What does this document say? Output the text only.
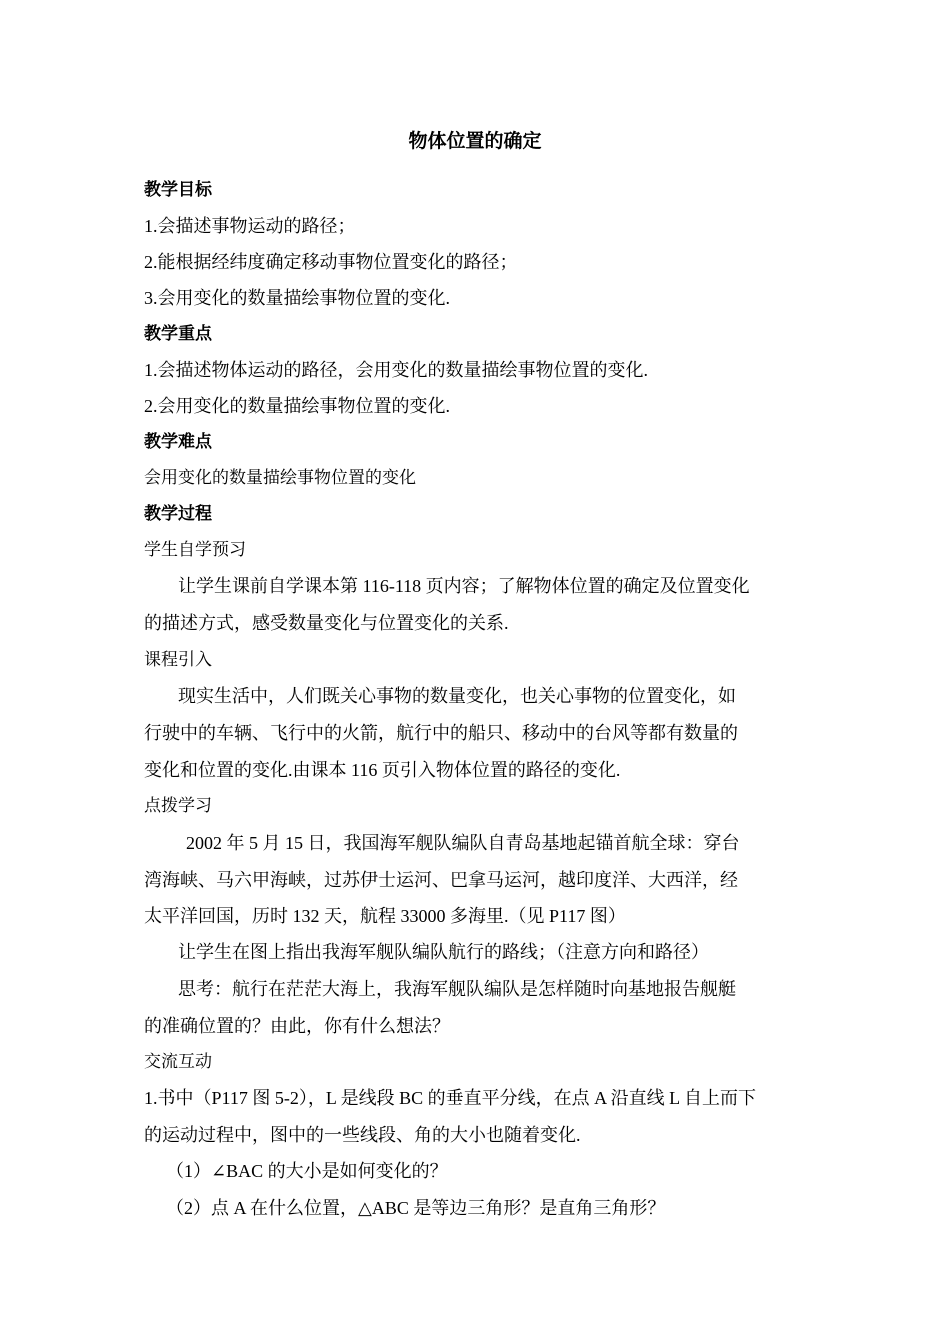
物体位置的确定
教学目标
1.会描述事物运动的路径；
2.能根据经纬度确定移动事物位置变化的路径；
3.会用变化的数量描绘事物位置的变化.
教学重点
1.会描述物体运动的路径，会用变化的数量描绘事物位置的变化.
2.会用变化的数量描绘事物位置的变化.
教学难点
会用变化的数量描绘事物位置的变化
教学过程
学生自学预习
让学生课前自学课本第 116-118 页内容；了解物体位置的确定及位置变化
的描述方式，感受数量变化与位置变化的关系.
课程引入
现实生活中，人们既关心事物的数量变化，也关心事物的位置变化，如
行驶中的车辆、飞行中的火箭，航行中的船只、移动中的台风等都有数量的
变化和位置的变化.由课本 116 页引入物体位置的路径的变化.
点拨学习
2002 年 5 月 15 日，我国海军舰队编队自青岛基地起锚首航全球：穿台
湾海峡、马六甲海峡，过苏伊士运河、巴拿马运河，越印度洋、大西洋，经
太平洋回国，历时 132 天，航程 33000 多海里.（见 P117 图）
让学生在图上指出我海军舰队编队航行的路线；（注意方向和路径）
思考：航行在茫茫大海上，我海军舰队编队是怎样随时向基地报告舰艇
的准确位置的？由此，你有什么想法？
交流互动
1.书中（P117 图 5-2），L 是线段 BC 的垂直平分线，在点 A 沿直线 L 自上而下
的运动过程中，图中的一些线段、角的大小也随着变化.
（1）∠BAC 的大小是如何变化的？
（2）点 A 在什么位置，△ABC 是等边三角形？是直角三角形？
